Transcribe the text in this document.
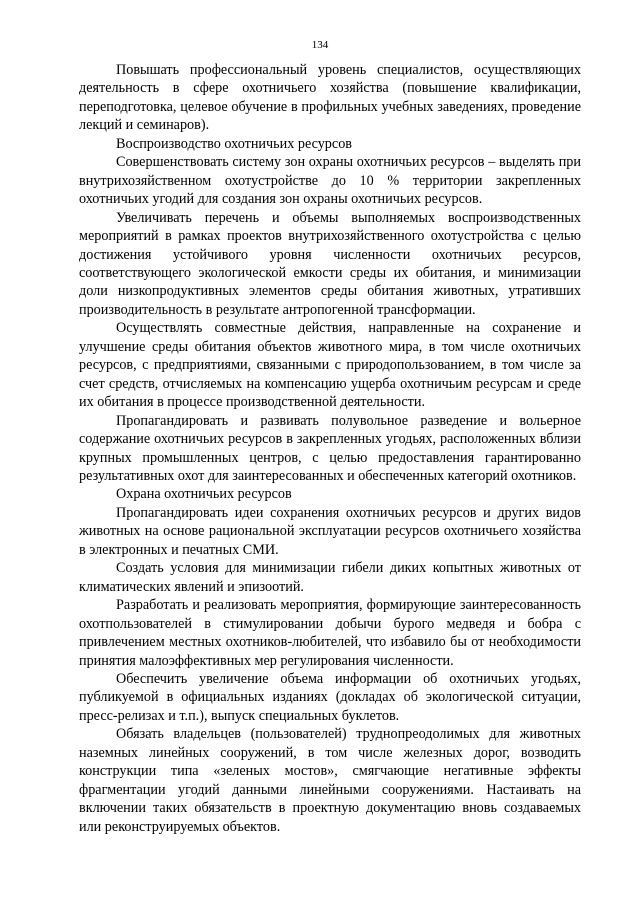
134

Повышать профессиональный уровень специалистов, осуществляющих деятельность в сфере охотничьего хозяйства (повышение квалификации, переподготовка, целевое обучение в профильных учебных заведениях, проведение лекций и семинаров).

Воспроизводство охотничьих ресурсов

Совершенствовать систему зон охраны охотничьих ресурсов – выделять при внутрихозяйственном охотустройстве до 10 % территории закрепленных охотничьих угодий для создания зон охраны охотничьих ресурсов.

Увеличивать перечень и объемы выполняемых воспроизводственных мероприятий в рамках проектов внутрихозяйственного охотустройства с целью достижения устойчивого уровня численности охотничьих ресурсов, соответствующего экологической емкости среды их обитания, и минимизации доли низкопродуктивных элементов среды обитания животных, утративших производительность в результате антропогенной трансформации.

Осуществлять совместные действия, направленные на сохранение и улучшение среды обитания объектов животного мира, в том числе охотничьих ресурсов, с предприятиями, связанными с природопользованием, в том числе за счет средств, отчисляемых на компенсацию ущерба охотничьим ресурсам и среде их обитания в процессе производственной деятельности.

Пропагандировать и развивать полувольное разведение и вольерное содержание охотничьих ресурсов в закрепленных угодьях, расположенных вблизи крупных промышленных центров, с целью предоставления гарантированно результативных охот для заинтересованных и обеспеченных категорий охотников.

Охрана охотничьих ресурсов

Пропагандировать идеи сохранения охотничьих ресурсов и других видов животных на основе рациональной эксплуатации ресурсов охотничьего хозяйства в электронных и печатных СМИ.

Создать условия для минимизации гибели диких копытных животных от климатических явлений и эпизоотий.

Разработать и реализовать мероприятия, формирующие заинтересованность охотпользователей в стимулировании добычи бурого медведя и бобра с привлечением местных охотников-любителей, что избавило бы от необходимости принятия малоэффективных мер регулирования численности.

Обеспечить увеличение объема информации об охотничьих угодьях, публикуемой в официальных изданиях (докладах об экологической ситуации, пресс-релизах и т.п.), выпуск специальных буклетов.

Обязать владельцев (пользователей) труднопреодолимых для животных наземных линейных сооружений, в том числе железных дорог, возводить конструкции типа «зеленых мостов», смягчающие негативные эффекты фрагментации угодий данными линейными сооружениями. Настаивать на включении таких обязательств в проектную документацию вновь создаваемых или реконструируемых объектов.
